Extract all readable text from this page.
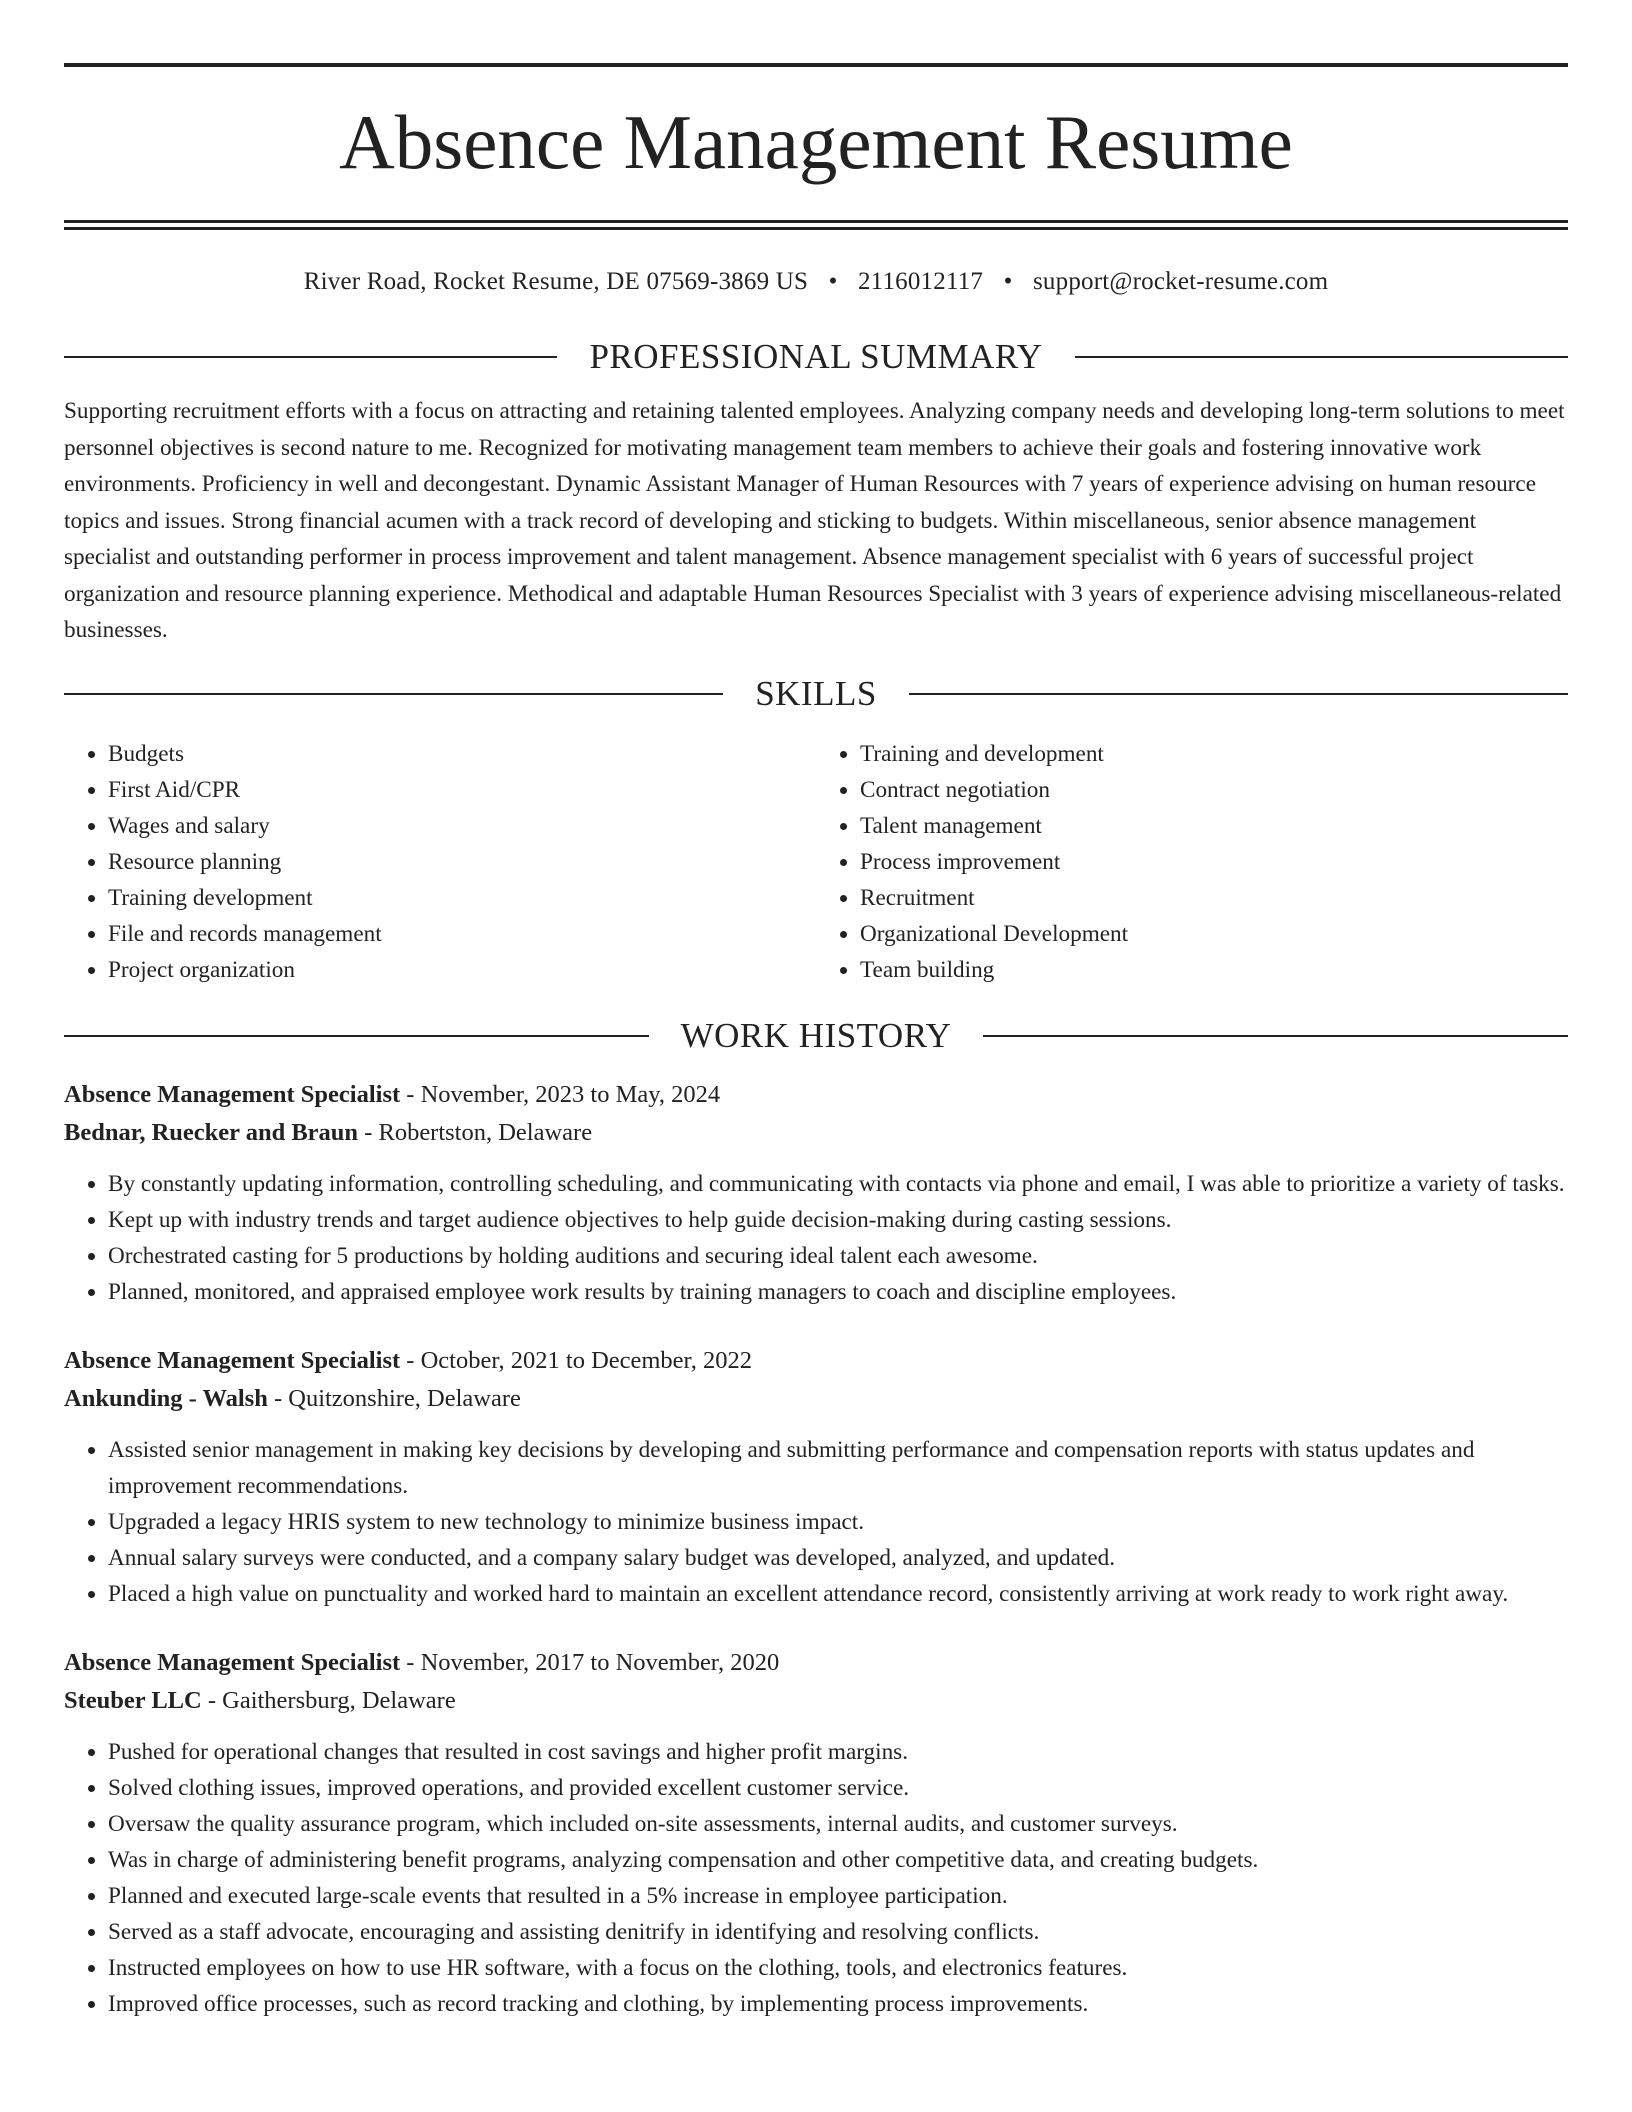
Absence Management Resume
River Road, Rocket Resume, DE 07569-3869 US • 2116012117 • support@rocket-resume.com
PROFESSIONAL SUMMARY

Supporting recruitment efforts with a focus on attracting and retaining talented employees. Analyzing company needs and developing long-term solutions to meet personnel objectives is second nature to me. Recognized for motivating management team members to achieve their goals and fostering innovative work environments. Proficiency in well and decongestant. Dynamic Assistant Manager of Human Resources with 7 years of experience advising on human resource topics and issues. Strong financial acumen with a track record of developing and sticking to budgets. Within miscellaneous, senior absence management specialist and outstanding performer in process improvement and talent management. Absence management specialist with 6 years of successful project organization and resource planning experience. Methodical and adaptable Human Resources Specialist with 3 years of experience advising miscellaneous-related businesses.

SKILLS
• Budgets
• First Aid/CPR
• Wages and salary
• Resource planning
• Training development
• File and records management
• Project organization
• Training and development
• Contract negotiation
• Talent management
• Process improvement
• Recruitment
• Organizational Development
• Team building
WORK HISTORY
Absence Management Specialist - November, 2023 to May, 2024
Bednar, Ruecker and Braun - Robertston, Delaware
• By constantly updating information, controlling scheduling, and communicating with contacts via phone and email, I was able to prioritize a variety of tasks.
• Kept up with industry trends and target audience objectives to help guide decision-making during casting sessions.
• Orchestrated casting for 5 productions by holding auditions and securing ideal talent each awesome.
• Planned, monitored, and appraised employee work results by training managers to coach and discipline employees.
Absence Management Specialist - October, 2021 to December, 2022
Ankunding - Walsh - Quitzonshire, Delaware
• Assisted senior management in making key decisions by developing and submitting performance and compensation reports with status updates and improvement recommendations.
• Upgraded a legacy HRIS system to new technology to minimize business impact.
• Annual salary surveys were conducted, and a company salary budget was developed, analyzed, and updated.
• Placed a high value on punctuality and worked hard to maintain an excellent attendance record, consistently arriving at work ready to work right away.
Absence Management Specialist - November, 2017 to November, 2020
Steuber LLC - Gaithersburg, Delaware
• Pushed for operational changes that resulted in cost savings and higher profit margins.
• Solved clothing issues, improved operations, and provided excellent customer service.
• Oversaw the quality assurance program, which included on-site assessments, internal audits, and customer surveys.
• Was in charge of administering benefit programs, analyzing compensation and other competitive data, and creating budgets.
• Planned and executed large-scale events that resulted in a 5% increase in employee participation.
• Served as a staff advocate, encouraging and assisting denitrify in identifying and resolving conflicts.
• Instructed employees on how to use HR software, with a focus on the clothing, tools, and electronics features.
• Improved office processes, such as record tracking and clothing, by implementing process improvements.
